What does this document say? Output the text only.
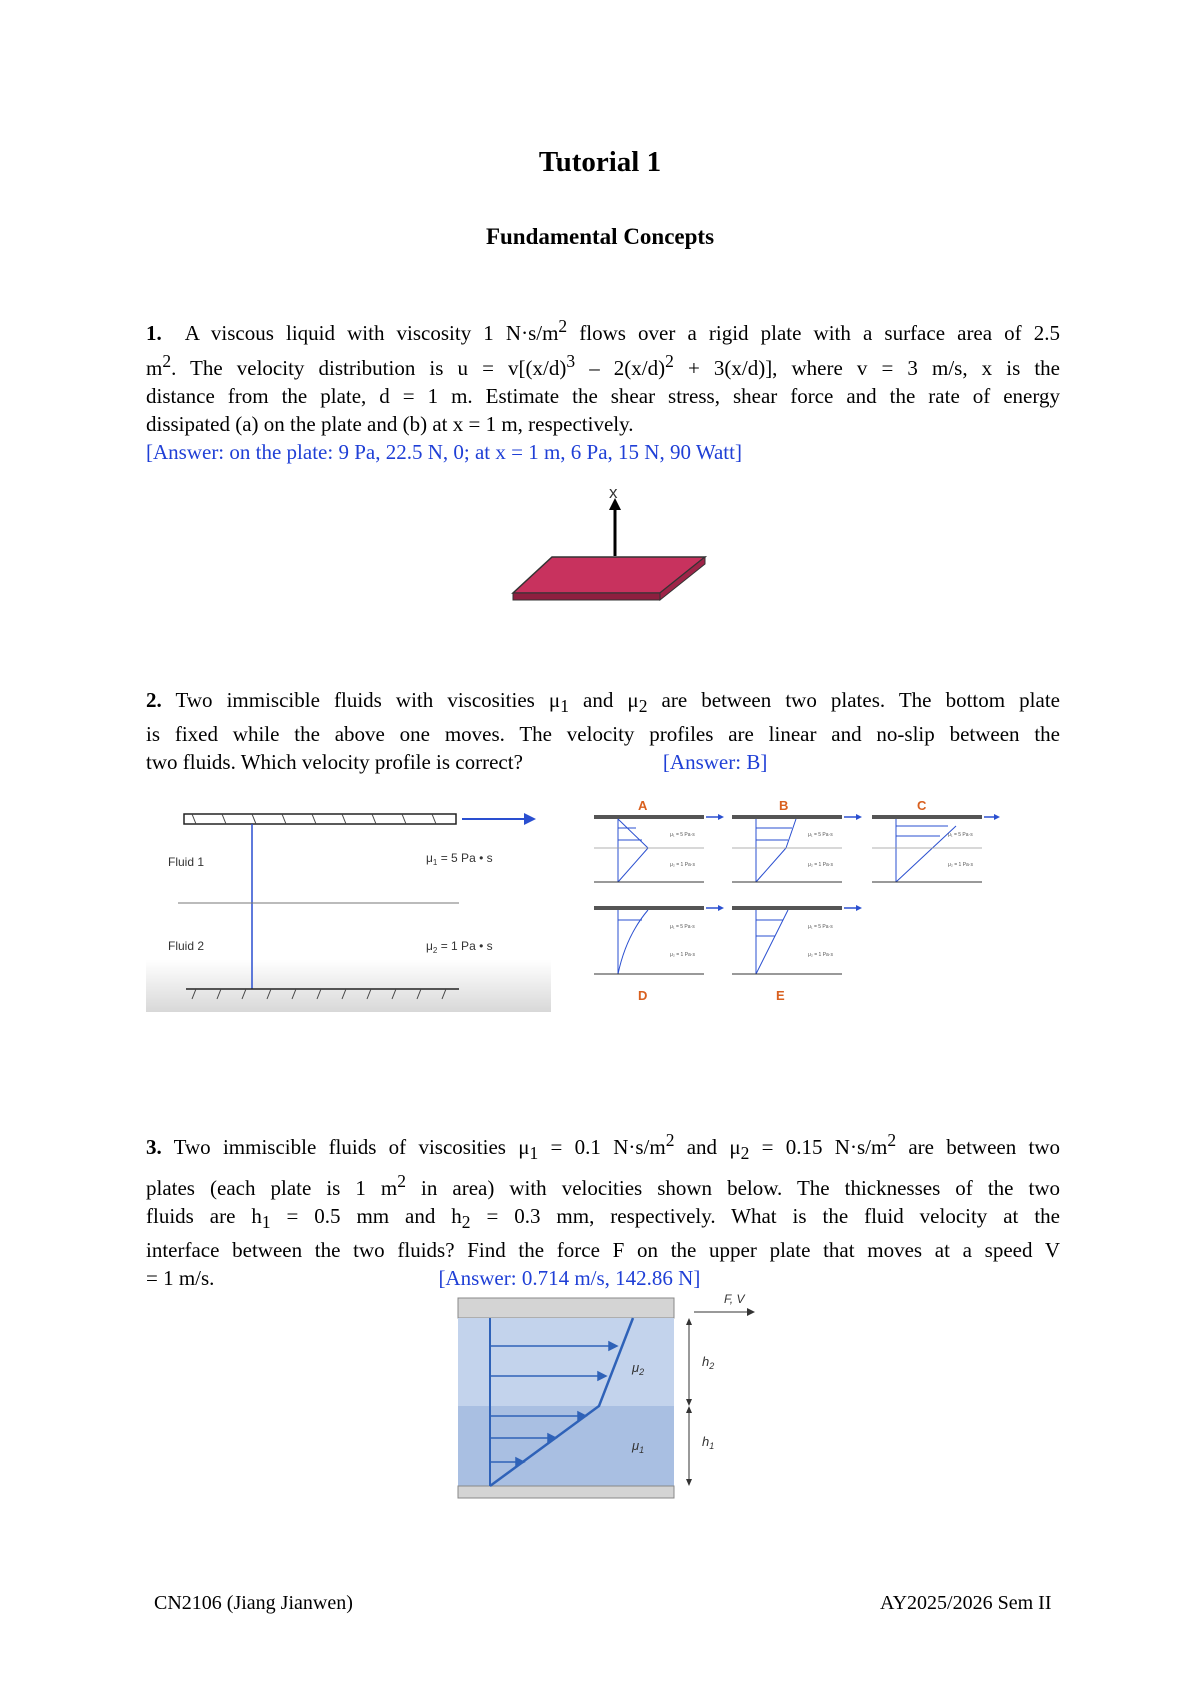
Tutorial 1
Fundamental Concepts
1. A viscous liquid with viscosity 1 $N\cdot s/m^2$ flows over a rigid plate with a surface area of 2.5
$m^2$. The velocity distribution is $u = v[(x/d)^3 - 2(x/d)^2 + 3(x/d)]$, where v = 3 m/s, x is the
distance from the plate, d = 1 m. Estimate the shear stress, shear force and the rate of energy
dissipated (a) on the plate and (b) at x = 1 m, respectively.
[Answer: on the plate: 9 Pa, 22.5 N, 0; at x = 1 m, 6 Pa, 15 N, 90 Watt]
x
2. Two immiscible fluids with viscosities $\mu_1$ and $\mu_2$ are between two plates. The bottom plate
is fixed while the above one moves. The velocity profiles are linear and no-slip between the
two fluids. Which velocity profile is correct?	[Answer: B]
Fluid 1
Fluid 2
$\mu_1 = 5$ Pa • s
$\mu_2 = 1$ Pa • s
A
μ₁ = 5 Pa·s
μ₂ = 1 Pa·s
B
μ₁ = 5 Pa·s
μ₂ = 1 Pa·s
C
μ₁ = 5 Pa·s
μ₂ = 1 Pa·s
μ₁ = 5 Pa·s
μ₂ = 1 Pa·s
D
μ₁ = 5 Pa·s
μ₂ = 1 Pa·s
E
3. Two immiscible fluids of viscosities $\mu_1 = 0.1$ $N\cdot s/m^2$ and $\mu_2 = 0.15$ $N\cdot s/m^2$ are between two
plates (each plate is 1 $m^2$ in area) with velocities shown below. The thicknesses of the two
fluids are $h_1 = 0.5$ mm and $h_2 = 0.3$ mm, respectively. What is the fluid velocity at the
interface between the two fluids? Find the force F on the upper plate that moves at a speed V
= 1 m/s.	[Answer: 0.714 m/s, 142.86 N]
F, V
$\mu_2$
$\mu_1$
$h_2$
$h_1$
CN2106 (Jiang Jianwen)	AY2025/2026 Sem II
